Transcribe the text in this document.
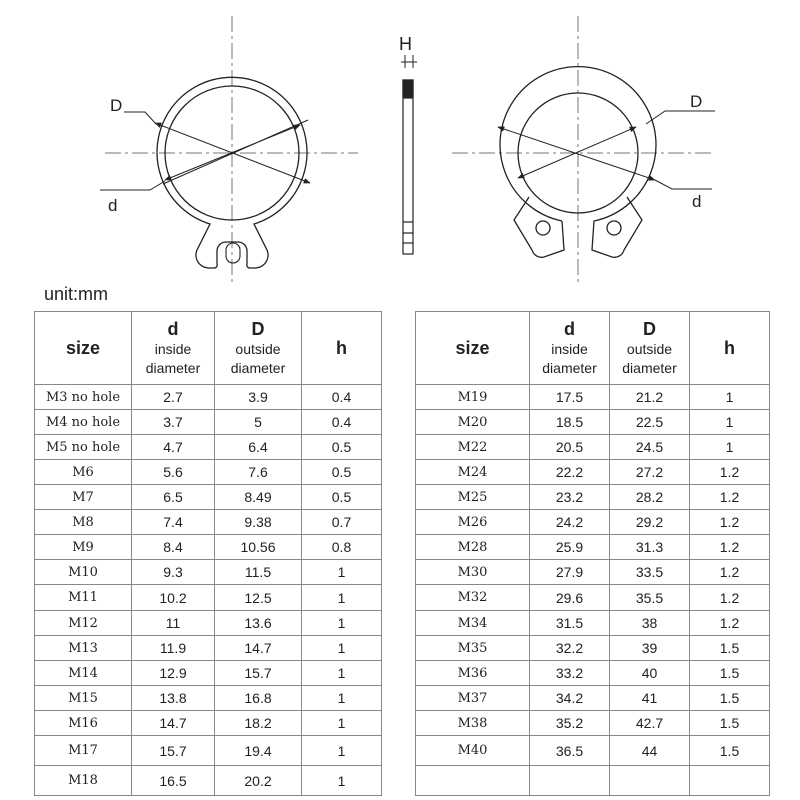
D
d
H
D
d
unit:mm
size	d
inside
diameter	D
outside
diameter	h
M3 no hole	2.7	3.9	0.4
M4 no hole	3.7	5	0.4
M5 no hole	4.7	6.4	0.5
M6	5.6	7.6	0.5
M7	6.5	8.49	0.5
M8	7.4	9.38	0.7
M9	8.4	10.56	0.8
M10	9.3	11.5	1
M11	10.2	12.5	1
M12	11	13.6	1
M13	11.9	14.7	1
M14	12.9	15.7	1
M15	13.8	16.8	1
M16	14.7	18.2	1
M17	15.7	19.4	1
M18	16.5	20.2	1
size	d
inside
diameter	D
outside
diameter	h
M19	17.5	21.2	1
M20	18.5	22.5	1
M22	20.5	24.5	1
M24	22.2	27.2	1.2
M25	23.2	28.2	1.2
M26	24.2	29.2	1.2
M28	25.9	31.3	1.2
M30	27.9	33.5	1.2
M32	29.6	35.5	1.2
M34	31.5	38	1.2
M35	32.2	39	1.5
M36	33.2	40	1.5
M37	34.2	41	1.5
M38	35.2	42.7	1.5
M40	36.5	44	1.5
